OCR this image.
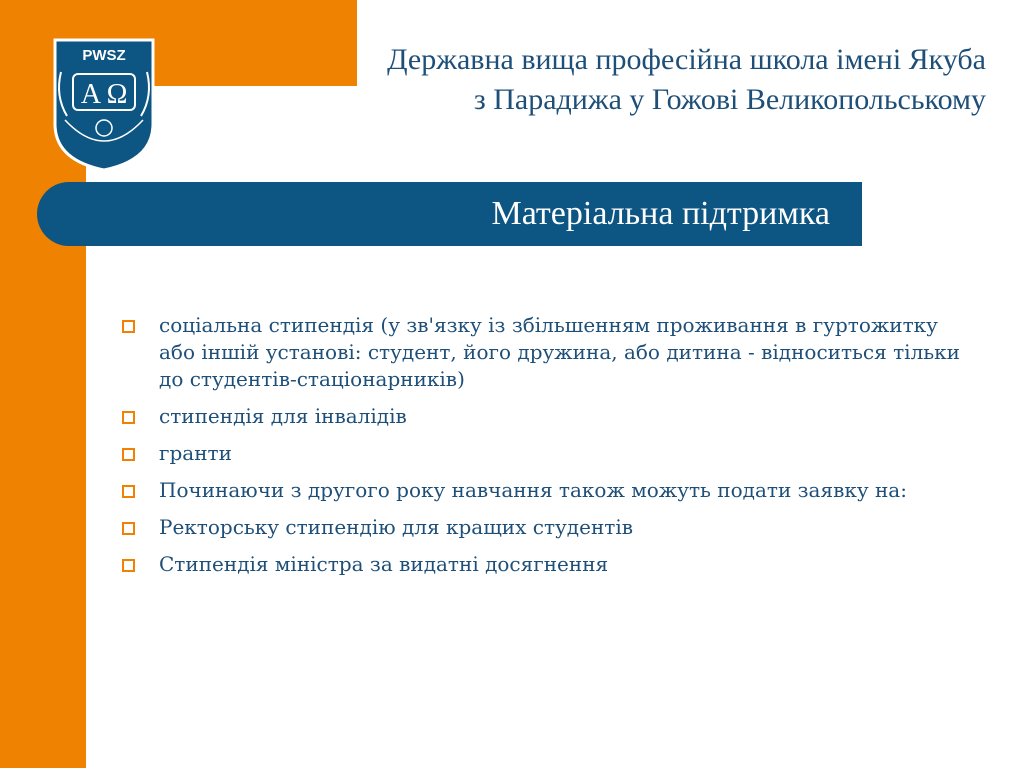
PWSZ
A Ω
Державна вища професійна школа імені Якуба
з Парадижа у Гожові Великопольському
Матеріальна підтримка
соціальна стипендія (у зв'язку із збільшенням проживання в гуртожитку або іншій установі: студент, його дружина, або дитина - відноситься тільки до студентів-стаціонарників)
стипендія для інвалідів
гранти
Починаючи з другого року навчання також можуть подати заявку на:
Ректорську стипендію для кращих студентів
Стипендія міністра за видатні досягнення
